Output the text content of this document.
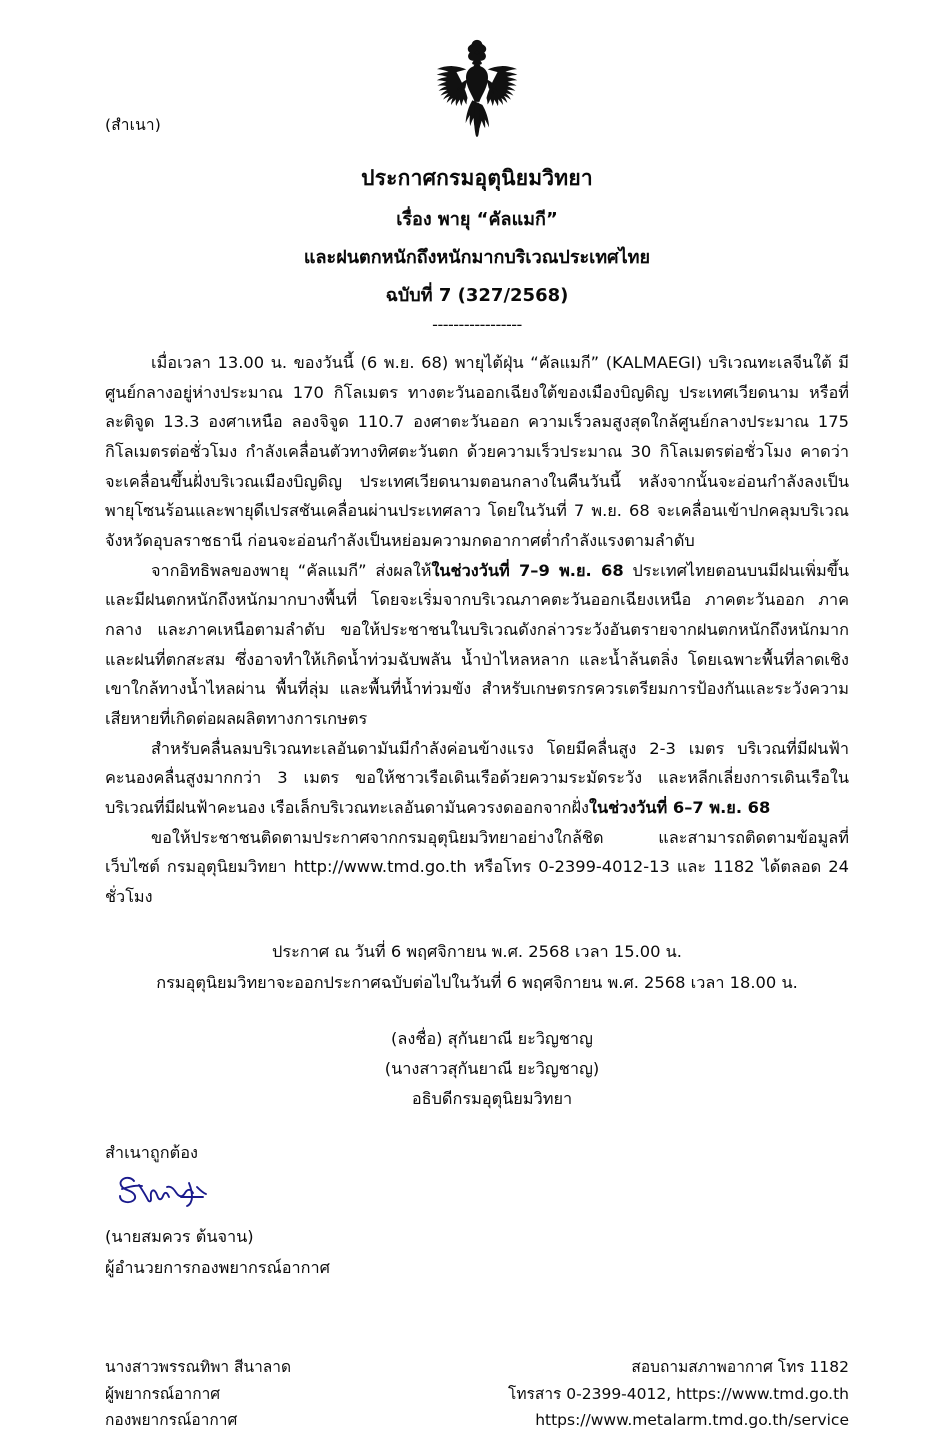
(สำเนา)
ประกาศกรมอุตุนิยมวิทยา
เรื่อง พายุ “คัลแมกี”
และฝนตกหนักถึงหนักมากบริเวณประเทศไทย
ฉบับที่ 7 (327/2568)
-----------------

เมื่อเวลา 13.00 น. ของวันนี้ (6 พ.ย. 68) พายุไต้ฝุ่น “คัลแมกี” (KALMAEGI) บริเวณทะเลจีนใต้ มีศูนย์กลางอยู่ห่างประมาณ 170 กิโลเมตร ทางตะวันออกเฉียงใต้ของเมืองบิญดิญ ประเทศเวียดนาม หรือที่ละติจูด 13.3 องศาเหนือ ลองจิจูด 110.7 องศาตะวันออก ความเร็วลมสูงสุดใกล้ศูนย์กลางประมาณ 175 กิโลเมตรต่อชั่วโมง กำลังเคลื่อนตัวทางทิศตะวันตก ด้วยความเร็วประมาณ 30 กิโลเมตรต่อชั่วโมง คาดว่าจะเคลื่อนขึ้นฝั่งบริเวณเมืองบิญดิญ ประเทศเวียดนามตอนกลางในคืนวันนี้ หลังจากนั้นจะอ่อนกำลังลงเป็นพายุโซนร้อนและพายุดีเปรสชันเคลื่อนผ่านประเทศลาว โดยในวันที่ 7 พ.ย. 68 จะเคลื่อนเข้าปกคลุมบริเวณจังหวัดอุบลราชธานี ก่อนจะอ่อนกำลังเป็นหย่อมความกดอากาศต่ำกำลังแรงตามลำดับ

จากอิทธิพลของพายุ “คัลแมกี” ส่งผลให้ในช่วงวันที่ 7–9 พ.ย. 68 ประเทศไทยตอนบนมีฝนเพิ่มขึ้น และมีฝนตกหนักถึงหนักมากบางพื้นที่ โดยจะเริ่มจากบริเวณภาคตะวันออกเฉียงเหนือ ภาคตะวันออก ภาคกลาง และภาคเหนือตามลำดับ ขอให้ประชาชนในบริเวณดังกล่าวระวังอันตรายจากฝนตกหนักถึงหนักมาก และฝนที่ตกสะสม ซึ่งอาจทำให้เกิดน้ำท่วมฉับพลัน น้ำป่าไหลหลาก และน้ำล้นตลิ่ง โดยเฉพาะพื้นที่ลาดเชิงเขาใกล้ทางน้ำไหลผ่าน พื้นที่ลุ่ม และพื้นที่น้ำท่วมขัง สำหรับเกษตรกรควรเตรียมการป้องกันและระวังความเสียหายที่เกิดต่อผลผลิตทางการเกษตร

สำหรับคลื่นลมบริเวณทะเลอันดามันมีกำลังค่อนข้างแรง โดยมีคลื่นสูง 2-3 เมตร บริเวณที่มีฝนฟ้าคะนองคลื่นสูงมากกว่า 3 เมตร ขอให้ชาวเรือเดินเรือด้วยความระมัดระวัง และหลีกเลี่ยงการเดินเรือในบริเวณที่มีฝนฟ้าคะนอง เรือเล็กบริเวณทะเลอันดามันควรงดออกจากฝั่งในช่วงวันที่ 6–7 พ.ย. 68

ขอให้ประชาชนติดตามประกาศจากกรมอุตุนิยมวิทยาอย่างใกล้ชิด และสามารถติดตามข้อมูลที่เว็บไซต์ กรมอุตุนิยมวิทยา http://www.tmd.go.th หรือโทร 0-2399-4012-13 และ 1182 ได้ตลอด 24 ชั่วโมง

ประกาศ ณ วันที่ 6 พฤศจิกายน พ.ศ. 2568 เวลา 15.00 น.
กรมอุตุนิยมวิทยาจะออกประกาศฉบับต่อไปในวันที่ 6 พฤศจิกายน พ.ศ. 2568 เวลา 18.00 น.
(ลงชื่อ) สุกันยาณี ยะวิญชาญ
(นางสาวสุกันยาณี ยะวิญชาญ)
อธิบดีกรมอุตุนิยมวิทยา
สำเนาถูกต้อง
(นายสมควร ต้นจาน)
ผู้อำนวยการกองพยากรณ์อากาศ
นางสาวพรรณทิพา สีนาลาด
ผู้พยากรณ์อากาศ
กองพยากรณ์อากาศ
สอบถามสภาพอากาศ โทร 1182
โทรสาร 0-2399-4012, https://www.tmd.go.th
https://www.metalarm.tmd.go.th/service
